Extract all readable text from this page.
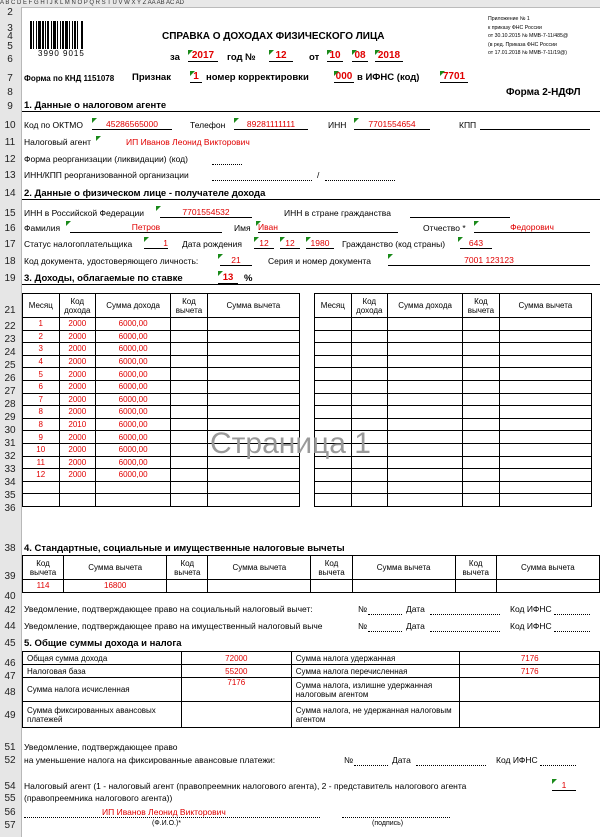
A B C D E F G H I J K L M N O P Q R S T U V W X Y Z AA AB AC AD
2
3
4
5
6
7
8
9
10
11
12
13
14
15
16
17
18
19
21
22
23
24
25
26
27
28
29
30
31
32
33
34
35
36
38
39
40
42
44
45
46
47
48
49
51
52
54
55
56
57
3990 9015
Приложение № 1
к приказу ФНС России
от 30.10.2015 № ММВ-7-11/485@
(в ред. Приказа ФНС России
от 17.01.2018 № ММВ-7-11/19@)
СПРАВКА О ДОХОДАХ ФИЗИЧЕСКОГО ЛИЦА
за	2017	год №	12	от 10 08 2018
Форма по КНД 1151078 Признак	1 номер корректировки	000 в ИФНС (код) 7701
Форма 2-НДФЛ
1. Данные о налоговом агенте
Код по ОКТМО	45286565000	Телефон	89281111111	ИНН	7701554654	КПП
Налоговый агент	ИП Иванов Леонид Викторович
Форма реорганизации (ликвидации) (код)
ИНН/КПП реорганизованной организации	/
2. Данные о физическом лице - получателе дохода
ИНН в Российской Федерации	7701554532	ИНН в стране гражданства
Фамилия	Петров	Имя Иван	Отчество *	Федорович
Статус налогоплательщика	1 Дата рождения	12	12	1980	Гражданство (код страны)	643
Код документа, удостоверяющего личность:	21	Серия и номер документа	7001 123123
3. Доходы, облагаемые по ставке	13	%
Месяц	Код дохода	Сумма дохода	Код вычета	Сумма вычета
1	2000	6000,00		
2	2000	6000,00		
3	2000	6000,00		
4	2000	6000,00		
5	2000	6000,00		
6	2000	6000,00		
7	2000	6000,00		
8	2000	6000,00		
8	2010	6000,00		
9	2000	6000,00		
10	2000	6000,00		
11	2000	6000,00		
12	2000	6000,00		

Месяц	Код дохода	Сумма дохода	Код вычета	Сумма вычета

Страница 1
4. Стандартные, социальные и имущественные налоговые вычеты
Код вычета	Сумма вычета	Код вычета	Сумма вычета	Код вычета	Сумма вычета	Код вычета	Сумма вычета
114	16800						
Уведомление, подтверждающее право на социальный налоговый вычет:
Уведомление, подтверждающее право на имущественный налоговый выче
№	Дата	Код ИФНС
№	Дата	Код ИФНС
№	Дата	Код ИФНС
5. Общие суммы дохода и налога
Общая сумма дохода	72000	Сумма налога удержанная	7176
Налоговая база	55200	Сумма налога перечисленная	7176
Сумма налога исчисленная	7176	Сумма налога, излишне удержанная налоговым агентом	
Сумма фиксированных авансовых платежей		Сумма налога, не удержанная налоговым агентом	
Уведомление, подтверждающее право
на уменьшение налога на фиксированные авансовые платежи:
Налоговый агент (1 - налоговый агент (правопреемник налогового агента), 2 - представитель налогового агента
(правопреемника налогового агента))
1
ИП Иванов Леонид Викторович
(Ф.И.О.)*	(подпись)
